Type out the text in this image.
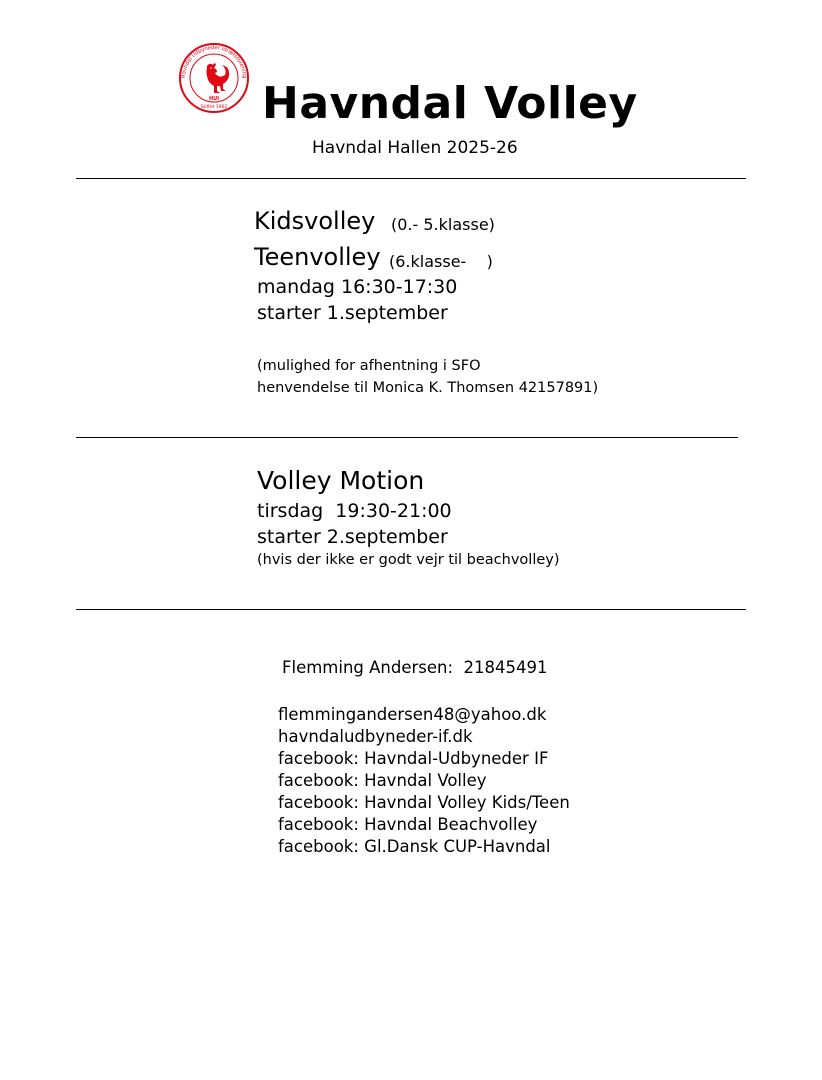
Havndal Udbyneder Idrætsforening
HUI
Stiftet 1962 Havndal Volley
Havndal Hallen 2025-26
Kidsvolley (0.- 5.klasse)
Teenvolley (6.klasse-    )
mandag 16:30-17:30
starter 1.september
(mulighed for afhentning i SFO
henvendelse til Monica K. Thomsen 42157891)
Volley Motion
tirsdag  19:30-21:00
starter 2.september
(hvis der ikke er godt vejr til beachvolley)
Flemming Andersen:  21845491
flemmingandersen48@yahoo.dk
havndaludbyneder-if.dk
facebook: Havndal-Udbyneder IF
facebook: Havndal Volley
facebook: Havndal Volley Kids/Teen
facebook: Havndal Beachvolley
facebook: Gl.Dansk CUP-Havndal
